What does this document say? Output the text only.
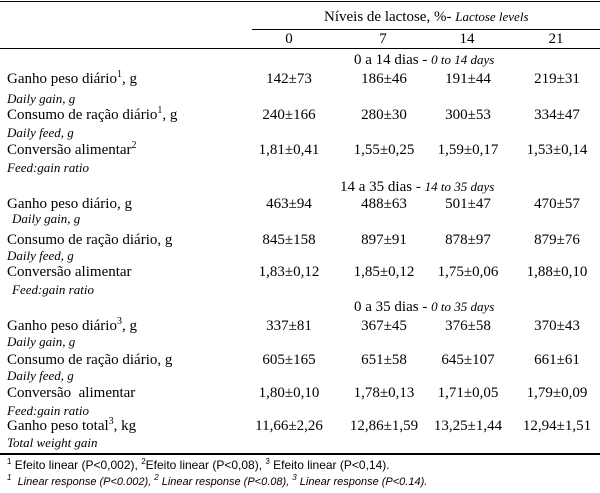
Níveis de lactose, %- Lactose levels
0	7	14	21
0 a 14 dias - 0 to 14 days
Ganho peso diário$^1$, g
Daily gain, g
142±73	186±46	191±44	219±31
Consumo de ração diário$^1$, g
Daily feed, g
240±166	280±30	300±53	334±47
Conversão alimentar$^2$
Feed:gain ratio
1,81±0,41 1,55±0,25 1,59±0,17 1,53±0,14
14 a 35 dias - 14 to 35 days
Ganho peso diário, g
Daily gain, g
463±94	488±63	501±47	470±57
Consumo de ração diário, g
Daily feed, g
845±158	897±91	878±97	879±76
Conversão alimentar
Feed:gain ratio
1,83±0,12 1,85±0,12 1,75±0,06 1,88±0,10
0 a 35 dias - 0 to 35 days
Ganho peso diário$^3$, g
Daily gain, g
337±81	367±45	376±58	370±43
Consumo de ração diário, g
Daily feed, g
605±165	651±58 645±107	661±61
Conversão  alimentar
Feed:gain ratio
1,80±0,10 1,78±0,13 1,71±0,05 1,79±0,09
Ganho peso total$^3$, kg
Total weight gain
11,66±2,26 12,86±1,59 13,25±1,44 12,94±1,51
$^1$ Efeito linear (P<0,002), $^2$Efeito linear (P<0,08), $^3$ Efeito linear (P<0,14).
$^1$  Linear response (P<0.002), $^2$ Linear response (P<0.08), $^3$ Linear response (P<0.14).
